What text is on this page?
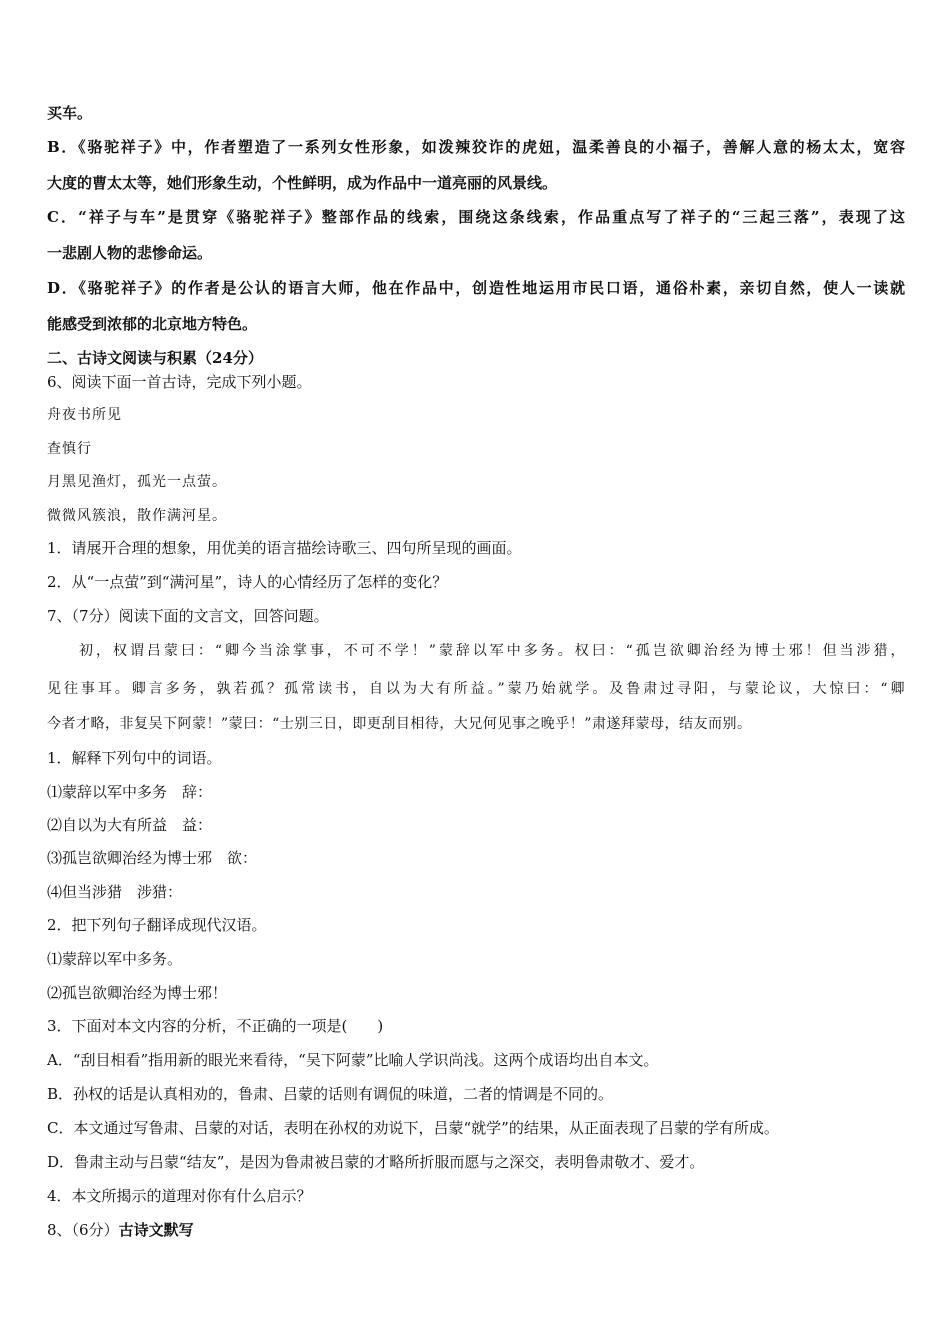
买车。
B．《骆驼祥子》中，作者塑造了一系列女性形象，如泼辣狡诈的虎妞，温柔善良的小福子，善解人意的杨太太，宽容
大度的曹太太等，她们形象生动，个性鲜明，成为作品中一道亮丽的风景线。
C．“祥子与车”是贯穿《骆驼祥子》整部作品的线索，围绕这条线索，作品重点写了祥子的“三起三落”，表现了这
一悲剧人物的悲惨命运。
D．《骆驼祥子》的作者是公认的语言大师，他在作品中，创造性地运用市民口语，通俗朴素，亲切自然，使人一读就
能感受到浓郁的北京地方特色。
二、古诗文阅读与积累（24分）
6、阅读下面一首古诗，完成下列小题。
舟夜书所见
查慎行
月黑见渔灯，孤光一点萤。
微微风簇浪，散作满河星。
1．请展开合理的想象，用优美的语言描绘诗歌三、四句所呈现的画面。
2．从“一点萤”到“满河星”，诗人的心情经历了怎样的变化？
7、（7分）阅读下面的文言文，回答问题。
初，权谓吕蒙曰：“卿今当涂掌事，不可不学！”蒙辞以军中多务。权曰：“孤岂欲卿治经为博士邪！但当涉猎，
见往事耳。卿言多务，孰若孤？孤常读书，自以为大有所益。”蒙乃始就学。及鲁肃过寻阳，与蒙论议，大惊曰：“卿
今者才略，非复吴下阿蒙！”蒙曰：“士别三日，即更刮目相待，大兄何见事之晚乎！”肃遂拜蒙母，结友而别。
1．解释下列句中的词语。
⑴蒙辞以军中多务　辞：
⑵自以为大有所益　益：
⑶孤岂欲卿治经为博士邪　欲：
⑷但当涉猎　涉猎：
2．把下列句子翻译成现代汉语。
⑴蒙辞以军中多务。
⑵孤岂欲卿治经为博士邪！
3．下面对本文内容的分析，不正确的一项是(　　)
A．“刮目相看”指用新的眼光来看待，“吴下阿蒙”比喻人学识尚浅。这两个成语均出自本文。
B．孙权的话是认真相劝的，鲁肃、吕蒙的话则有调侃的味道，二者的情调是不同的。
C．本文通过写鲁肃、吕蒙的对话，表明在孙权的劝说下，吕蒙“就学”的结果，从正面表现了吕蒙的学有所成。
D．鲁肃主动与吕蒙“结友”，是因为鲁肃被吕蒙的才略所折服而愿与之深交，表明鲁肃敬才、爱才。
4．本文所揭示的道理对你有什么启示？
8、（6分）古诗文默写
